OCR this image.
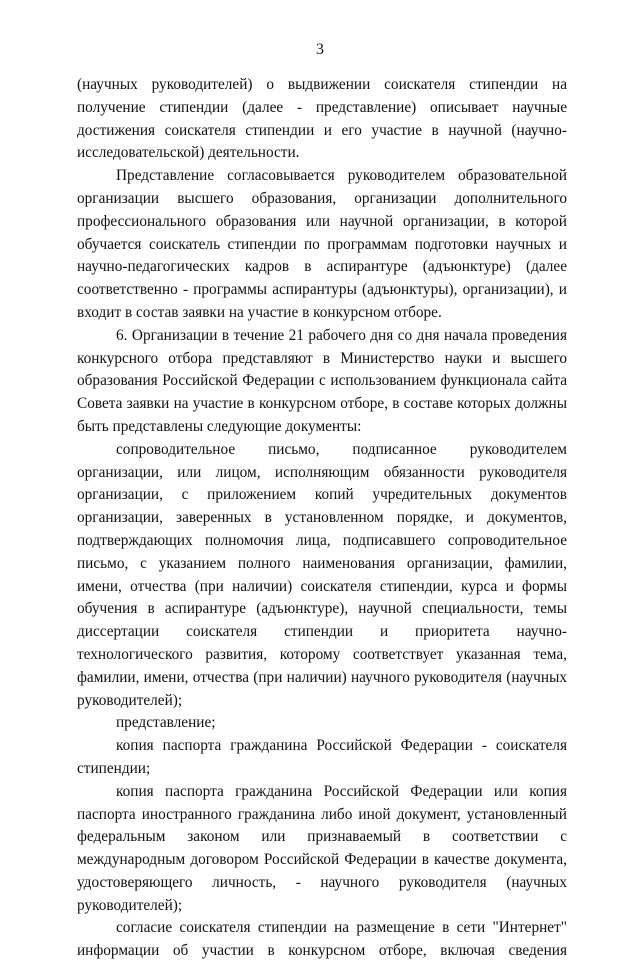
3

(научных руководителей) о выдвижении соискателя стипендии на получение стипендии (далее - представление) описывает научные достижения соискателя стипендии и его участие в научной (научно-исследовательской) деятельности.

Представление согласовывается руководителем образовательной организации высшего образования, организации дополнительного профессионального образования или научной организации, в которой обучается соискатель стипендии по программам подготовки научных и научно-педагогических кадров в аспирантуре (адъюнктуре) (далее соответственно - программы аспирантуры (адъюнктуры), организации), и входит в состав заявки на участие в конкурсном отборе.

6. Организации в течение 21 рабочего дня со дня начала проведения конкурсного отбора представляют в Министерство науки и высшего образования Российской Федерации с использованием функционала сайта Совета заявки на участие в конкурсном отборе, в составе которых должны быть представлены следующие документы:

сопроводительное письмо, подписанное руководителем организации, или лицом, исполняющим обязанности руководителя организации, с приложением копий учредительных документов организации, заверенных в установленном порядке, и документов, подтверждающих полномочия лица, подписавшего сопроводительное письмо, с указанием полного наименования организации, фамилии, имени, отчества (при наличии) соискателя стипендии, курса и формы обучения в аспирантуре (адъюнктуре), научной специальности, темы диссертации соискателя стипендии и приоритета научно-технологического развития, которому соответствует указанная тема, фамилии, имени, отчества (при наличии) научного руководителя (научных руководителей);

представление;

копия паспорта гражданина Российской Федерации - соискателя стипендии;

копия паспорта гражданина Российской Федерации или копия паспорта иностранного гражданина либо иной документ, установленный федеральным законом или признаваемый в соответствии с международным договором Российской Федерации в качестве документа, удостоверяющего личность, - научного руководителя (научных руководителей);

согласие соискателя стипендии на размещение в сети "Интернет" информации об участии в конкурсном отборе, включая сведения
